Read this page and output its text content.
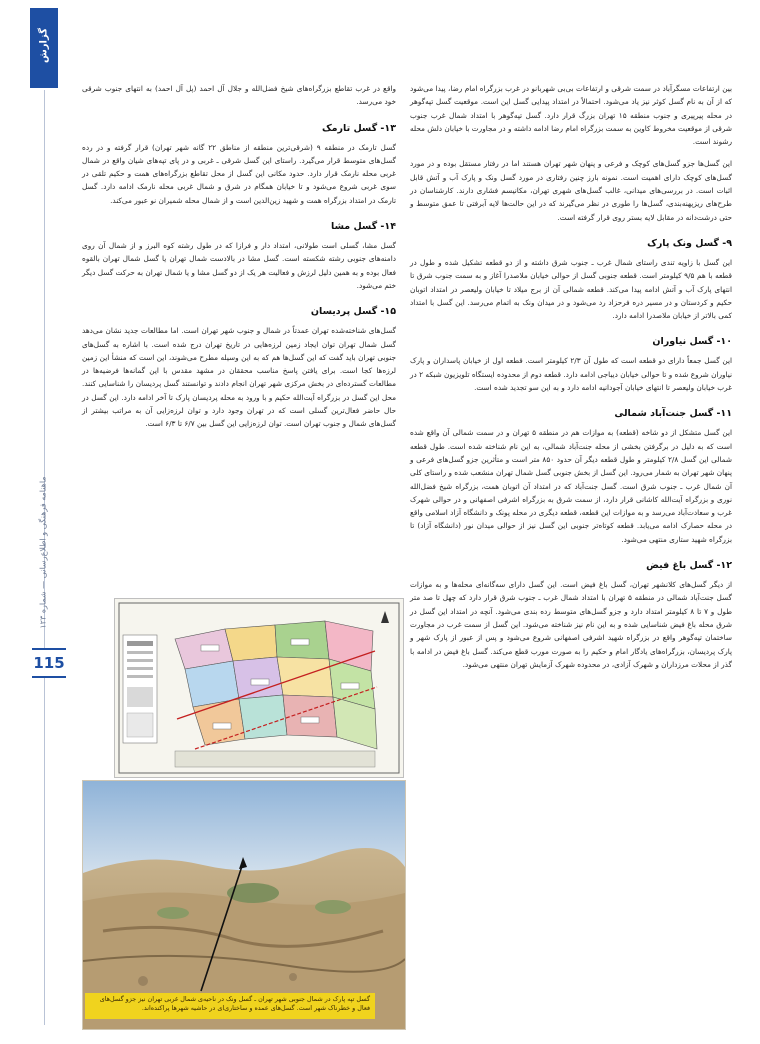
گزارش
ماهنامه فرهنگی و اطلاع‌رسانی — شماره ۱۲۳
115

بین ارتفاعات مسگرآباد در سمت شرقی و ارتفاعات بی‌بی شهربانو در غرب بزرگراه امام رضا، پیدا می‌شود که از آن به نام گسل کوثر نیز یاد می‌شود. احتمالاً در امتداد پیدایی گسل این است. موقعیت گسل تپه‌گوهر در محله پیرپیری و جنوب منطقه ۱۵ تهران بزرگ قرار دارد. گسل تپه‌گوهر با امتداد شمال غرب جنوب شرقی از موقعیت مخروط کاوین به سمت بزرگراه امام رضا ادامه داشته و در مجاورت با خیابان دلش محله رشوند است.

این گسل‌ها جزو گسل‌های کوچک و فرعی و پنهان شهر تهران هستند اما در رفتار مستقل بوده و در مورد گسل‌های کوچک دارای اهمیت است. نمونه بارز چنین رفتاری در مورد گسل ونک و پارک آب و آتش قابل اثبات است. در بررسی‌های میدانی، غالب گسل‌های شهری تهران، مکانیسم فشاری دارند. کارشناسان در طرح‌های ریزپهنه‌بندی، گسل‌ها را طوری در نظر می‌گیرند که در این حالت‌ها لایه آبرفتی تا عمق متوسط و حتی درشت‌دانه در مقابل لایه بستر روی قرار گرفته است.

۹- گسل ونک پارک

این گسل با زاویه تندی راستای شمال غرب ـ جنوب شرق داشته و از دو قطعه تشکیل شده و طول در قطعه با هم ۹/۵ کیلومتر است. قطعه جنوبی گسل از حوالی خیابان ملاصدرا آغاز و به سمت جنوب شرق تا انتهای پارک آب و آتش ادامه پیدا می‌کند. قطعه شمالی آن از برج میلاد تا خیابان ولیعصر در امتداد اتوبان حکیم و کردستان و در مسیر دره فرحزاد رد می‌شود و در میدان ونک به اتمام می‌رسد. این گسل با امتداد کمی بالاتر از خیابان ملاصدرا ادامه دارد.

۱۰- گسل نیاوران

این گسل جمعاً دارای دو قطعه است که طول آن ۲/۳ کیلومتر است. قطعه اول از خیابان پاسداران و پارک نیاوران شروع شده و تا حوالی خیابان دیباجی ادامه دارد. قطعه دوم از محدوده ایستگاه تلویزیون شبکه ۲ در غرب خیابان ولیعصر تا انتهای خیابان آجودانیه ادامه دارد و به این سو تجدید شده است.

۱۱- گسل جنت‌آباد شمالی

این گسل متشکل از دو شاخه (قطعه) به موازات هم در منطقه ۵ تهران و در سمت شمالی آن واقع شده است که به دلیل در برگرفتن بخشی از محله جنت‌آباد شمالی، به این نام شناخته شده است. طول قطعه شمالی این گسل ۲/۸ کیلومتر و طول قطعه دیگر آن حدود ۸۵۰ متر است و متأثرین جزو گسل‌های فرعی و پنهان شهر تهران به شمار می‌رود. این گسل از بخش جنوبی گسل شمال تهران منشعب شده و راستای کلی آن شمال غرب ـ جنوب شرق است. گسل جنت‌آباد که در امتداد آن اتوبان همت، بزرگراه شیخ فضل‌الله نوری و بزرگراه آیت‌الله کاشانی قرار دارد، از سمت شرق به بزرگراه اشرفی اصفهانی و در حوالی شهرک غرب و سعادت‌آباد می‌رسد و به موازات این قطعه، قطعه دیگری در محله پونک و دانشگاه آزاد اسلامی واقع در محله حصارک ادامه می‌یابد. قطعه کوتاه‌تر جنوبی این گسل نیز از حوالی میدان نور (دانشگاه آزاد) تا بزرگراه شهید ستاری منتهی می‌شود.

۱۲- گسل باغ فیض

از دیگر گسل‌های کلانشهر تهران، گسل باغ فیض است. این گسل دارای سه‌گانه‌ای محله‌ها و به موازات گسل جنت‌آباد شمالی در منطقه ۵ تهران با امتداد شمال غرب ـ جنوب شرق قرار دارد که چهل تا صد متر طول و ۷ تا ۸ کیلومتر امتداد دارد و جزو گسل‌های متوسط رده بندی می‌شود. آنچه در امتداد این گسل در شرق محله باغ فیض شناسایی شده و به این نام نیز شناخته می‌شود. این گسل از سمت غرب در مجاورت ساختمان تپه‌گوهر واقع در بزرگراه شهید اشرفی اصفهانی شروع می‌شود و پس از عبور از پارک شهر و پارک پردیسان، بزرگراه‌های یادگار امام و حکیم را به صورت مورب قطع می‌کند. گسل باغ فیض در ادامه با گذر از محلات مرزداران و شهرک آزادی، در محدوده شهرک آزمایش تهران منتهی می‌شود.

واقع در غرب تقاطع بزرگراه‌های شیخ فضل‌الله و جلال آل احمد (پل آل احمد) به انتهای جنوب شرقی خود می‌رسد.

۱۳- گسل تارمک

گسل تارمک در منطقه ۹ (شرقی‌ترین منطقه از مناطق ۲۲ گانه شهر تهران) قرار گرفته و در رده گسل‌های متوسط قرار می‌گیرد. راستای این گسل شرقی ـ غربی و در پای تپه‌های شیان واقع در شمال غربی محله نارمک قرار دارد. حدود مکانی این گسل از محل تقاطع بزرگراه‌های همت و حکیم تلقی در سوی غربی شروع می‌شود و تا خیابان همگام در شرق و شمال غربی محله نارمک ادامه دارد. گسل تارمک در امتداد بزرگراه همت و شهید زین‌الدین است و از شمال محله شمیران نو عبور می‌کند.

۱۴- گسل مشا

گسل مشا، گسلی است طولانی، امتداد دار و فرازا که در طول رشته کوه البرز و از شمال آن روی دامنه‌های جنوبی رشته شکسته است. گسل مشا در بالادست شمال تهران یا گسل شمال تهران بالقوه فعال بوده و به همین دلیل لرزش و فعالیت هر یک از دو گسل مشا و یا شمال تهران به حرکت گسل دیگر ختم می‌شود.

۱۵- گسل پردیسان

گسل‌های شناخته‌شده تهران عمدتاً در شمال و جنوب شهر تهران است. اما مطالعات جدید نشان می‌دهد گسل شمال تهران توان ایجاد زمین لرزه‌هایی در تاریخ تهران درج شده است. با اشاره به گسل‌های جنوبی تهران باید گفت که این گسل‌ها هم که به این وسیله مطرح می‌شوند، این است که منشأ این زمین لرزه‌ها کجا است. برای یافتن پاسخ مناسب محققان در مشهد مقدس با این گمانه‌ها فرضیه‌ها در مطالعات گسترده‌ای در بخش مرکزی شهر تهران انجام دادند و توانستند گسل پردیسان را شناسایی کنند. محل این گسل در بزرگراه آیت‌الله حکیم و با ورود به محله پردیسان پارک تا آخر ادامه دارد. این گسل در حال حاضر فعال‌ترین گسلی است که در تهران وجود دارد و توان لرزه‌زایی آن به مراتب بیشتر از گسل‌های شمال و جنوب تهران است. توان لرزه‌زایی این گسل بین ۶/۷ تا ۶/۳ است.

گسل تپه پارک در شمال جنوبی شهر تهران ـ گسل ونک در ناحیه‌ی شمال غربی تهران نیز جزو گسل‌های فعال و خطرناک شهر است. گسل‌های عمده و ساختاری‌ای در حاشیه شهرها پراکنده‌اند.
